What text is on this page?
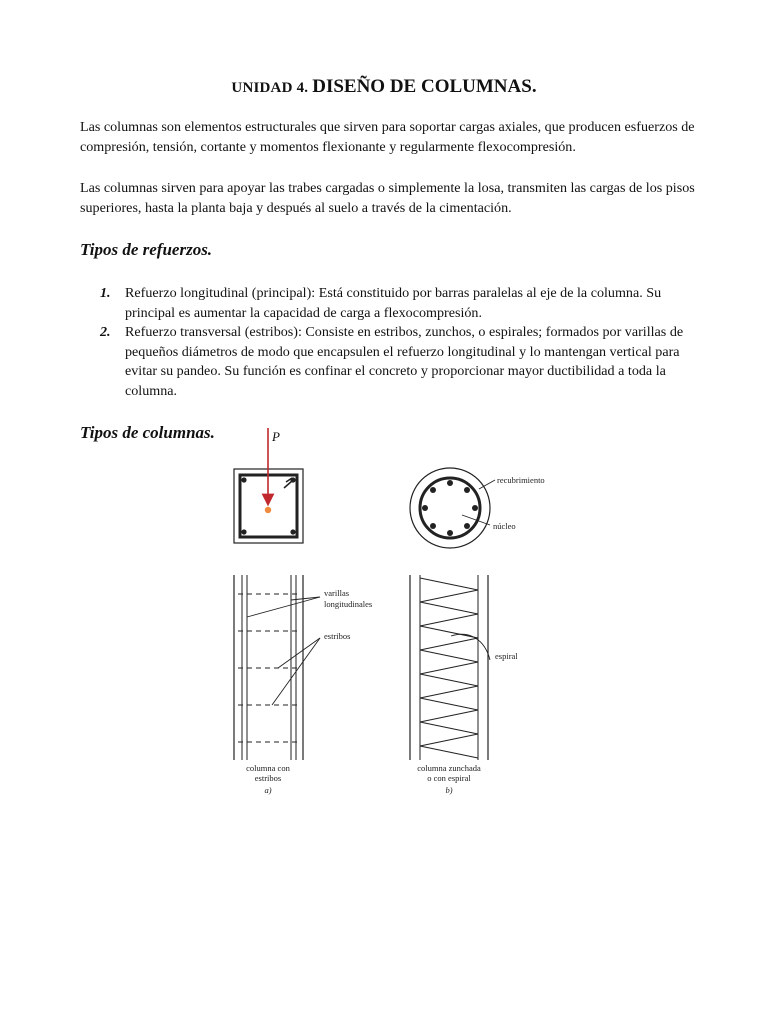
UNIDAD 4. DISEÑO DE COLUMNAS.

Las columnas son elementos estructurales que sirven para soportar cargas axiales, que producen esfuerzos de compresión, tensión, cortante y momentos flexionante y regularmente flexocompresión.

Las columnas sirven para apoyar las trabes cargadas o simplemente la losa, transmiten las cargas de los pisos superiores, hasta la planta baja y después al suelo a través de la cimentación.

Tipos de refuerzos.
1. Refuerzo longitudinal (principal): Está constituido por barras paralelas al eje de la columna. Su principal es aumentar la capacidad de carga a flexocompresión.
2. Refuerzo transversal (estribos): Consiste en estribos, zunchos, o espirales; formados por varillas de pequeños diámetros de modo que encapsulen el refuerzo longitudinal y lo mantengan vertical para evitar su pandeo. Su función es confinar el concreto y proporcionar mayor ductibilidad a toda la columna.
Tipos de columnas.	P
recubrimiento
núcleo
varillas
longitudinales
estribos
columna con
estribos
a)
espiral
columna zunchada
o con espiral
b)
